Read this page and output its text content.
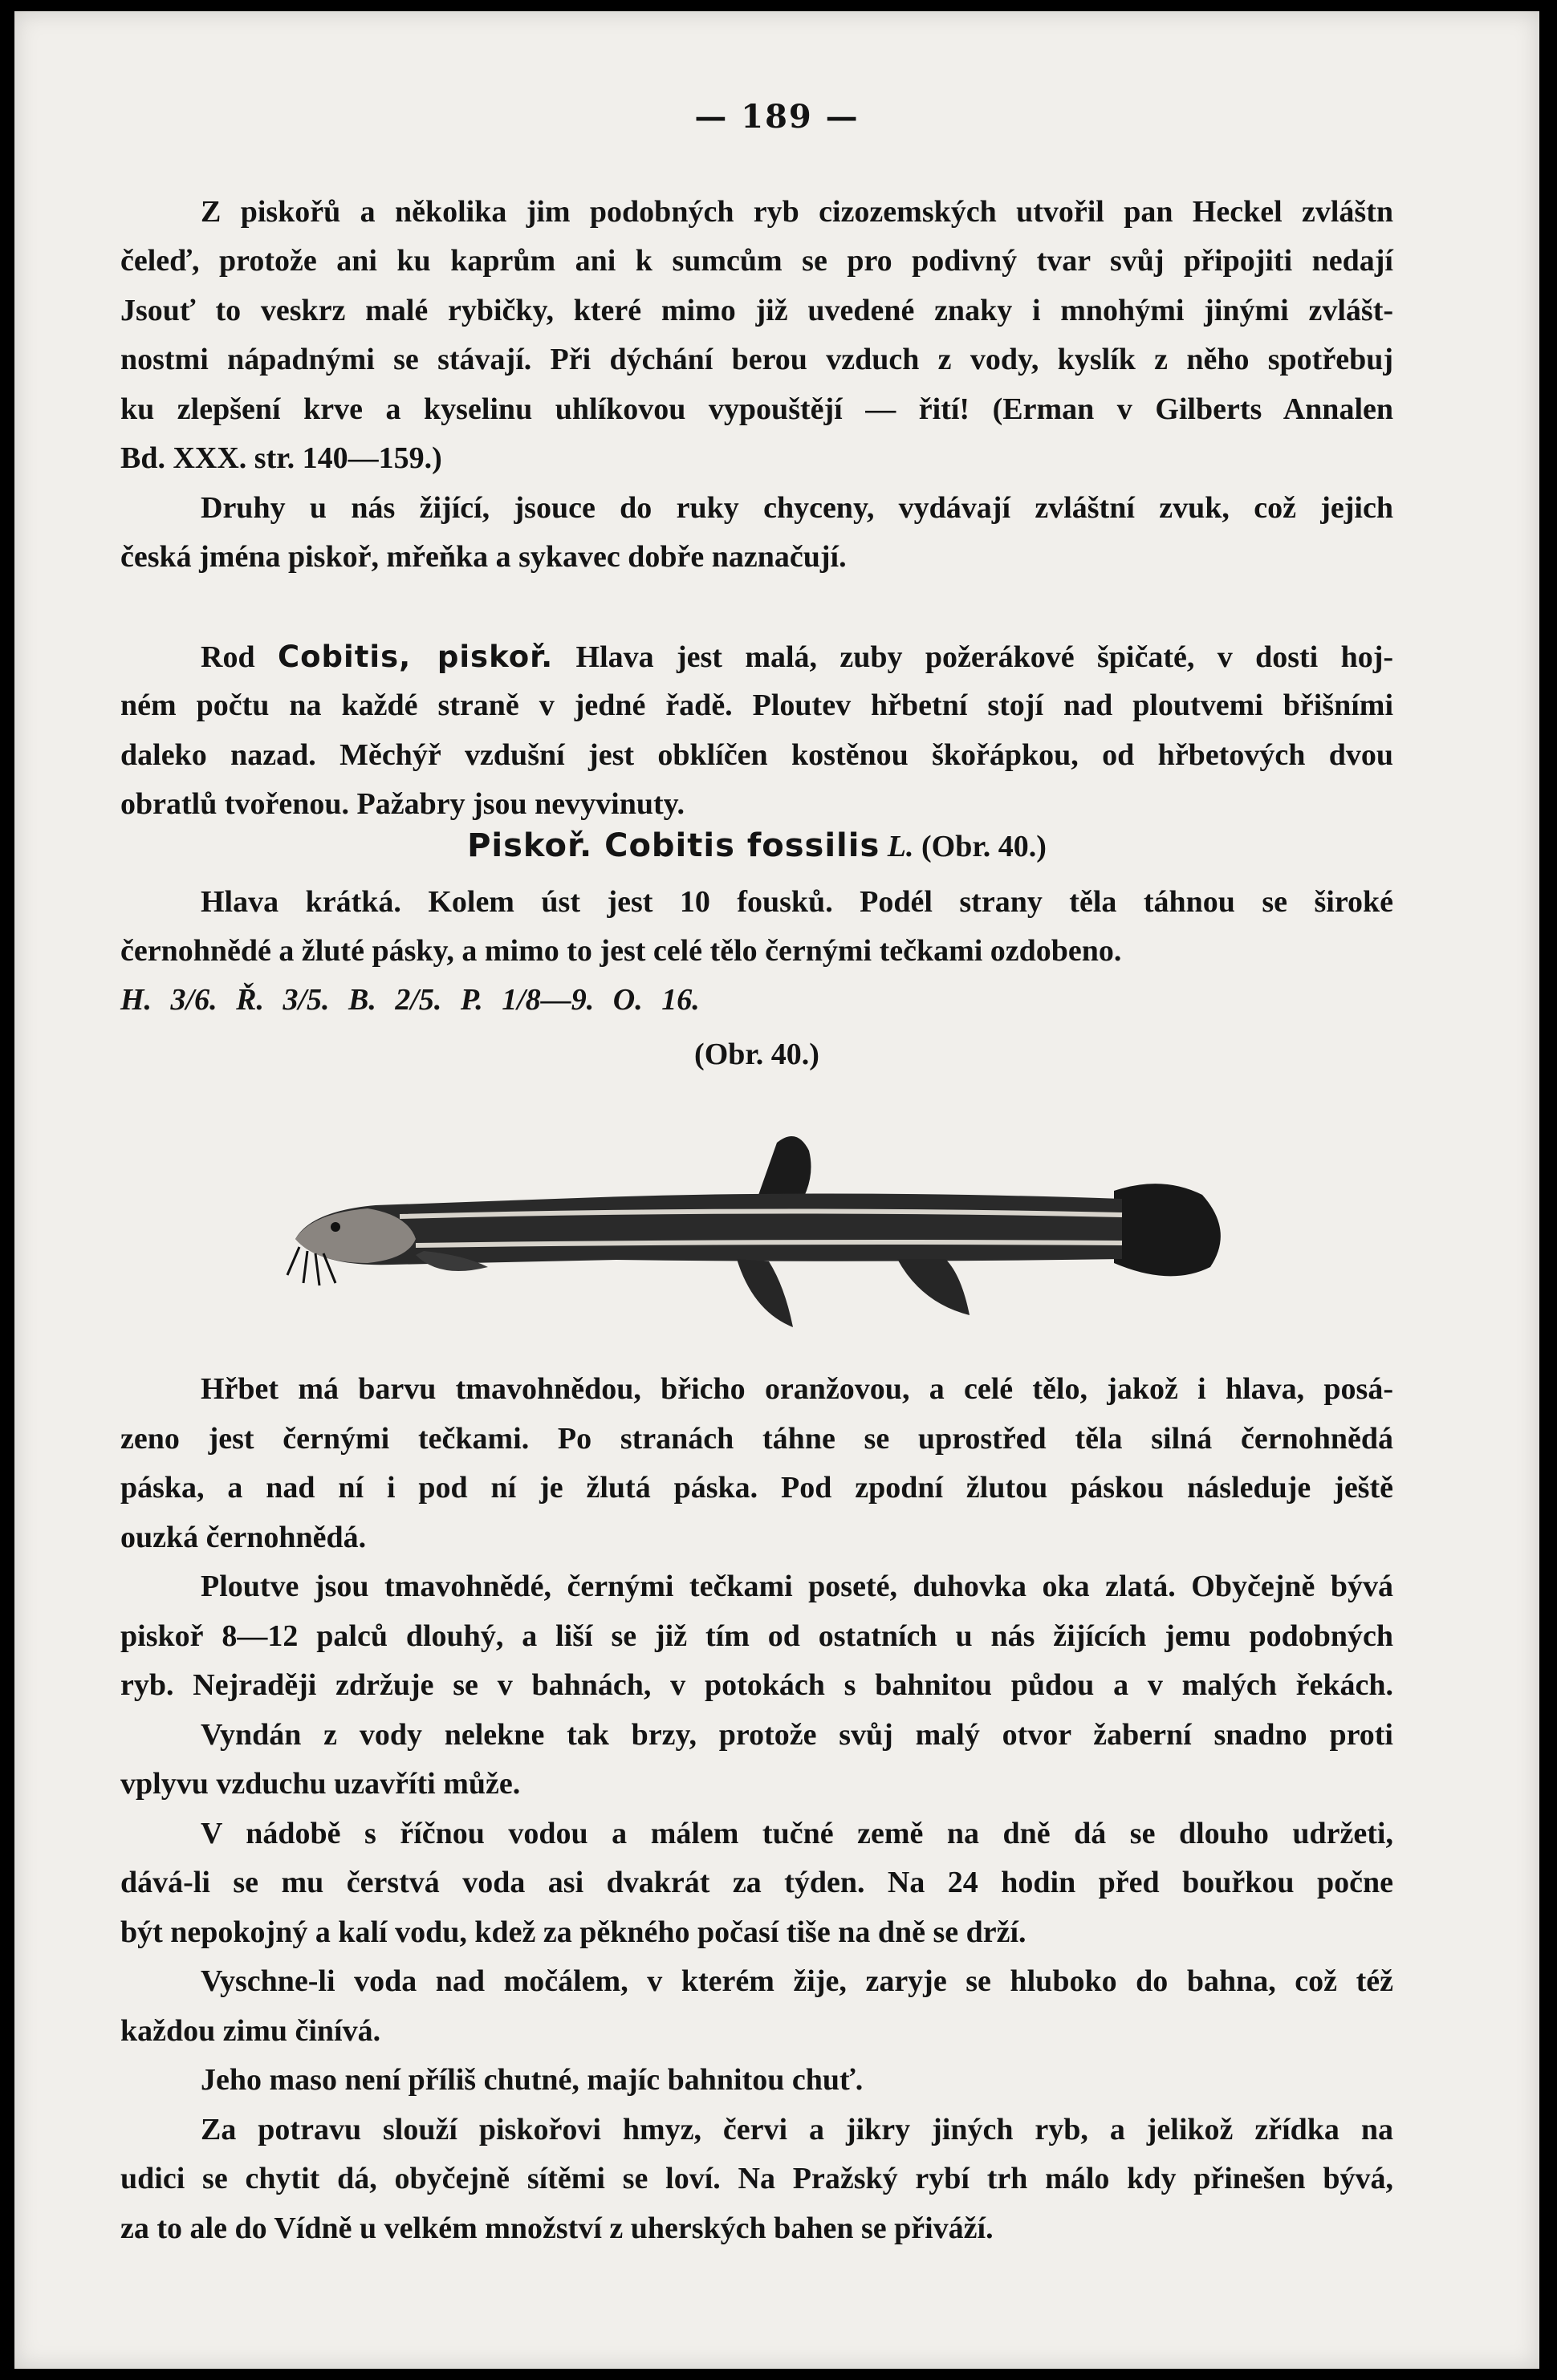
— 189 —
Z piskořů a několika jim podobných ryb cizozemských utvořil pan Heckel zvláštn
čeleď, protože ani ku kaprům ani k sumcům se pro podivný tvar svůj připojiti nedají
Jsouť to veskrz malé rybičky, které mimo již uvedené znaky i mnohými jinými zvlášt-
nostmi nápadnými se stávají. Při dýchání berou vzduch z vody, kyslík z něho spotřebuj
ku zlepšení krve a kyselinu uhlíkovou vypouštějí — řití! (Erman v Gilberts Annalen
Bd. XXX. str. 140—159.)
Druhy u nás žijící, jsouce do ruky chyceny, vydávají zvláštní zvuk, což jejich
česká jména piskoř, mřeňka a sykavec dobře naznačují.
Rod Cobitis, piskoř. Hlava jest malá, zuby požerákové špičaté, v dosti hoj-
ném počtu na každé straně v jedné řadě. Ploutev hřbetní stojí nad ploutvemi břišními
daleko nazad. Měchýř vzdušní jest obklíčen kostěnou škořápkou, od hřbetových dvou
obratlů tvořenou. Pažabry jsou nevyvinuty.
Piskoř. Cobitis fossilis L. (Obr. 40.)
Hlava krátká. Kolem úst jest 10 fousků. Podél strany těla táhnou se široké
černohnědé a žluté pásky, a mimo to jest celé tělo černými tečkami ozdobeno.
H. 3/6. Ř. 3/5. B. 2/5. P. 1/8—9. O. 16.
(Obr. 40.)
Hřbet má barvu tmavohnědou, břicho oranžovou, a celé tělo, jakož i hlava, posá-
zeno jest černými tečkami. Po stranách táhne se uprostřed těla silná černohnědá
páska, a nad ní i pod ní je žlutá páska. Pod zpodní žlutou páskou následuje ještě
ouzká černohnědá.
Ploutve jsou tmavohnědé, černými tečkami poseté, duhovka oka zlatá. Obyčejně bývá
piskoř 8—12 palců dlouhý, a liší se již tím od ostatních u nás žijících jemu podobných
ryb. Nejraději zdržuje se v bahnách, v potokách s bahnitou půdou a v malých řekách.
Vyndán z vody nelekne tak brzy, protože svůj malý otvor žaberní snadno proti
vplyvu vzduchu uzavříti může.
V nádobě s říčnou vodou a málem tučné země na dně dá se dlouho udržeti,
dává-li se mu čerstvá voda asi dvakrát za týden. Na 24 hodin před bouřkou počne
být nepokojný a kalí vodu, kdež za pěkného počasí tiše na dně se drží.
Vyschne-li voda nad močálem, v kterém žije, zaryje se hluboko do bahna, což též
každou zimu činívá.
Jeho maso není příliš chutné, majíc bahnitou chuť.
Za potravu slouží piskořovi hmyz, červi a jikry jiných ryb, a jelikož zřídka na
udici se chytit dá, obyčejně sítěmi se loví. Na Pražský rybí trh málo kdy přinešen bývá,
za to ale do Vídně u velkém množství z uherských bahen se přiváží.
